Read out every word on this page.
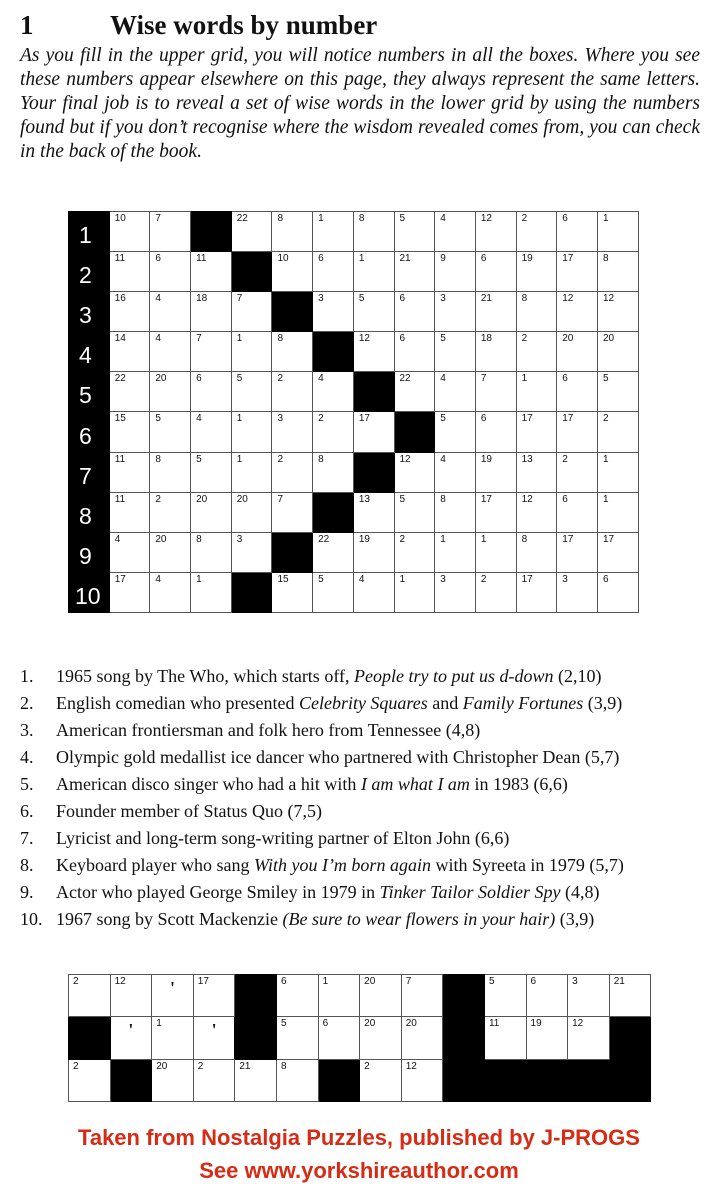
1	Wise words by number
As you fill in the upper grid, you will notice numbers in all the boxes. Where you see these numbers appear elsewhere on this page, they always represent the same letters. Your final job is to reveal a set of wise words in the lower grid by using the numbers found but if you don’t recognise where the wisdom revealed comes from, you can check in the back of the book.
1	10	7		22	8	1	8	5	4	12	2	6	1

2	11	6	11		10	6	1	21	9	6	19	17	8

3	16	4	18	7		3	5	6	3	21	8	12	12

4	14	4	7	1	8		12	6	5	18	2	20	20

5	22	20	6	5	2	4		22	4	7	1	6	5

6	15	5	4	1	3	2	17		5	6	17	17	2

7	11	8	5	1	2	8		12	4	19	13	2	1

8	11	2	20	20	7		13	5	8	17	12	6	1

9	4	20	8	3		22	19	2	1	1	8	17	17

10	17	4	1		15	5	4	1	3	2	17	3	6
1. 1965 song by The Who, which starts off, People try to put us d-down (2,10)
2. English comedian who presented Celebrity Squares and Family Fortunes (3,9)
3. American frontiersman and folk hero from Tennessee (4,8)
4. Olympic gold medallist ice dancer who partnered with Christopher Dean (5,7)
5. American disco singer who had a hit with I am what I am in 1983 (6,6)
6. Founder member of Status Quo (7,5)
7. Lyricist and long-term song-writing partner of Elton John (6,6)
8. Keyboard player who sang With you I’m born again with Syreeta in 1979 (5,7)
9. Actor who played George Smiley in 1979 in Tinker Tailor Soldier Spy (4,8)
10. 1967 song by Scott Mackenzie (Be sure to wear flowers in your hair) (3,9)
2	12	'	17		6	1	20	7		5	6	3	21

	'	1	'		5	6	20	20		11	19	12	

2		20	2	21	8		2	12					

Taken from Nostalgia Puzzles, published by J-PROGS
See www.yorkshireauthor.com
